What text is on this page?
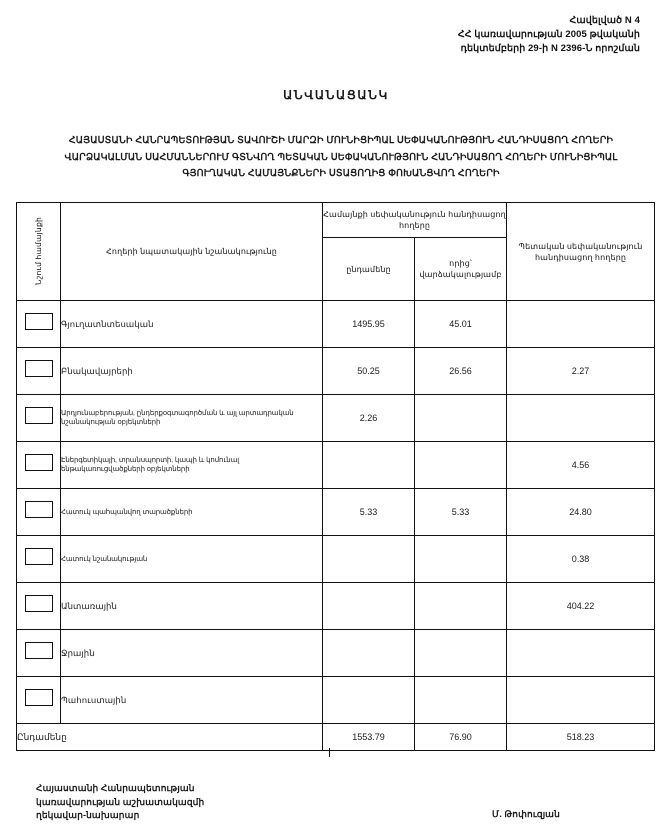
Հավելված N 4
ՀՀ կառավարության 2005 թվականի
դեկտեմբերի 29-ի N 2396-Ն որոշման
ԱՆՎԱՆԱՑԱՆԿ
ՀԱՅԱՍՏԱՆԻ ՀԱՆՐԱՊԵՏՈՒԹՅԱՆ ՏԱՎՈՒՇԻ ՄԱՐԶԻ ՄՈՒՆԻՑԻՊԱԼ ՍԵՓԱԿԱՆՈՒԹՅՈՒՆ ՀԱՆԴԻՍԱՑՈՂ ՀՈՂԵՐԻ ՎԱՐՁԱԿԱԼՄԱՆ ՍԱՀՄԱՆՆԵՐՈՒՄ ԳՏՆՎՈՂ ՊԵՏԱԿԱՆ ՍԵՓԱԿԱՆՈՒԹՅՈՒՆ ՀԱՆԴԻՍԱՑՈՂ ՀՈՂԵՐԻ ՄՈՒՆԻՑԻՊԱԼ ԳՅՈՒՂԱԿԱՆ ՀԱՄԱՅՆՔՆԵՐԻ ՍՏԱՑՈՂԻՑ ՓՈԽԱՆՑՎՈՂ ՀՈՂԵՐԻ
Նշում համայնքի	Հողերի նպատակային նշանակությունը	Համայնքի սեփականություն հանդիսացող հողերը		Պետական սեփականություն հանդիսացող հողերը
		ընդամենը	որից՝ վարձակալությամբ	
	Գյուղատնտեսական	1495.95	45.01	
	Բնակավայրերի	50.25	26.56	2.27
	Արդյունաբերության, ընդերքօգտագործման և այլ արտադրական նշանակության օբյեկտների	2.26		
	Էներգետիկայի, տրանսպորտի, կապի և կոմունալ ենթակառուցվածքների օբյեկտների			4.56
	Հատուկ պահպանվող տարածքների	5.33	5.33	24.80
	Հատուկ նշանակության			0.38
	Անտառային			404.22
	Ջրային			
	Պահուստային			
Ընդամենը		1553.79	76.90	518.23
Հայաստանի Հանրապետության
կառավարության աշխատակազմի
ղեկավար-նախարար	Մ. Թոփուզյան
